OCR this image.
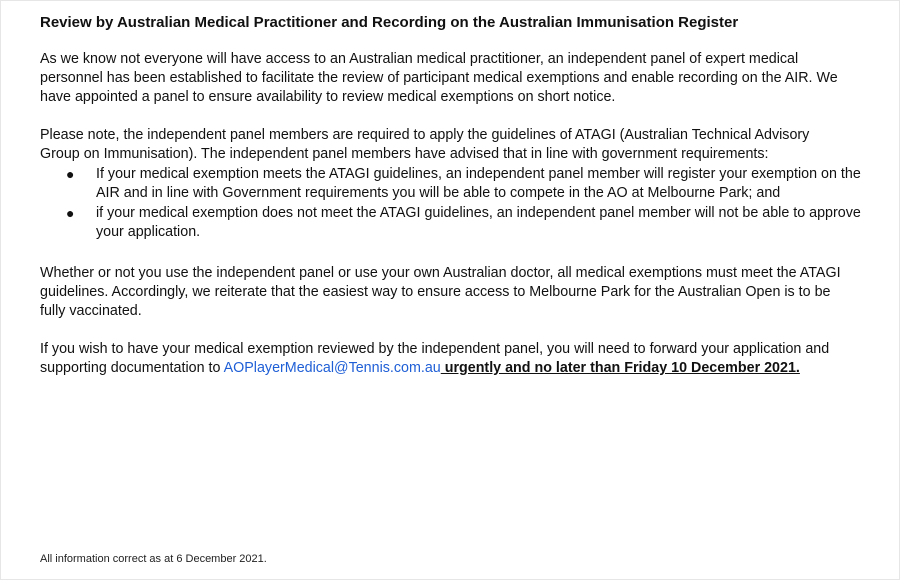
Review by Australian Medical Practitioner and Recording on the Australian Immunisation Register

As we know not everyone will have access to an Australian medical practitioner, an independent panel of expert medical personnel has been established to facilitate the review of participant medical exemptions and enable recording on the AIR. We have appointed a panel to ensure availability to review medical exemptions on short notice.

Please note, the independent panel members are required to apply the guidelines of ATAGI (Australian Technical Advisory Group on Immunisation). The independent panel members have advised that in line with government requirements:

● If your medical exemption meets the ATAGI guidelines, an independent panel member will register your exemption on the AIR and in line with Government requirements you will be able to compete in the AO at Melbourne Park; and
● if your medical exemption does not meet the ATAGI guidelines, an independent panel member will not be able to approve your application.

Whether or not you use the independent panel or use your own Australian doctor, all medical exemptions must meet the ATAGI guidelines. Accordingly, we reiterate that the easiest way to ensure access to Melbourne Park for the Australian Open is to be fully vaccinated.

If you wish to have your medical exemption reviewed by the independent panel, you will need to forward your application and supporting documentation to AOPlayerMedical@Tennis.com.au urgently and no later than Friday 10 December 2021.

All information correct as at 6 December 2021.
